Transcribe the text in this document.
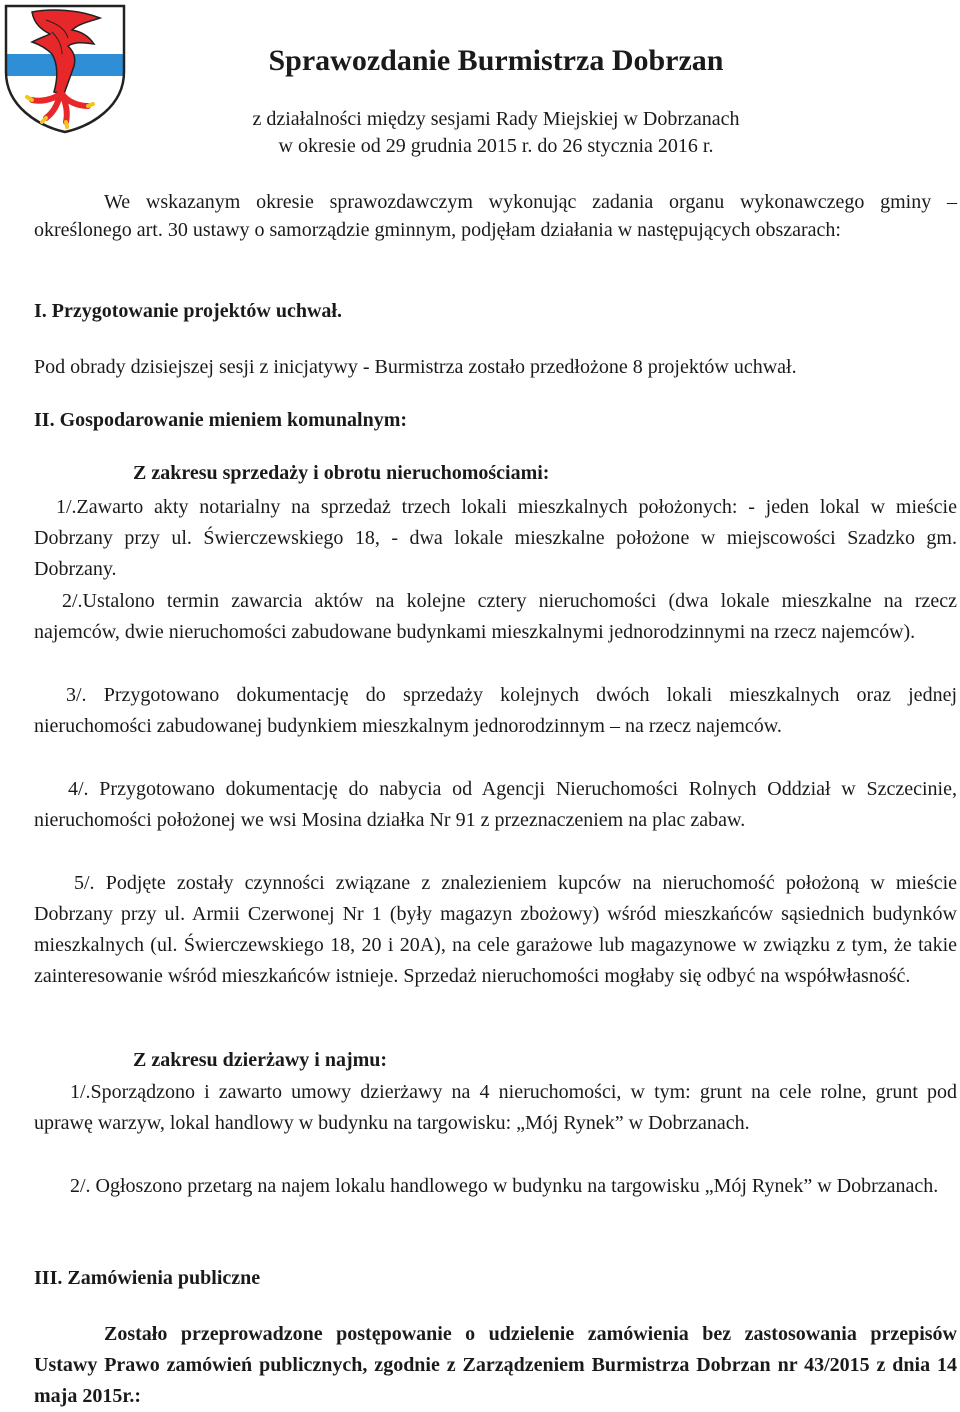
Sprawozdanie Burmistrza Dobrzan
z działalności między sesjami Rady Miejskiej w Dobrzanach
w okresie od 29 grudnia 2015 r. do 26 stycznia 2016 r.

We wskazanym okresie sprawozdawczym wykonując zadania organu wykonawczego gminy – określonego art. 30 ustawy o samorządzie gminnym, podjęłam działania w następujących obszarach:

I. Przygotowanie projektów uchwał.

Pod obrady dzisiejszej sesji z inicjatywy - Burmistrza zostało przedłożone 8 projektów uchwał.

II. Gospodarowanie mieniem komunalnym:
Z zakresu sprzedaży i obrotu nieruchomościami:

1/.Zawarto akty notarialny na sprzedaż trzech lokali mieszkalnych położonych: - jeden lokal w mieście Dobrzany przy ul. Świerczewskiego 18, - dwa lokale mieszkalne położone w miejscowości Szadzko gm. Dobrzany.

2/.Ustalono termin zawarcia aktów na kolejne cztery nieruchomości (dwa lokale mieszkalne na rzecz najemców, dwie nieruchomości zabudowane budynkami mieszkalnymi jednorodzinnymi na rzecz najemców).

3/. Przygotowano dokumentację do sprzedaży kolejnych dwóch lokali mieszkalnych oraz jednej nieruchomości zabudowanej budynkiem mieszkalnym jednorodzinnym – na rzecz najemców.

4/. Przygotowano dokumentację do nabycia od Agencji Nieruchomości Rolnych Oddział w Szczecinie, nieruchomości położonej we wsi Mosina działka Nr 91 z przeznaczeniem na plac zabaw.

5/. Podjęte zostały czynności związane z znalezieniem kupców na nieruchomość położoną w mieście Dobrzany przy ul. Armii Czerwonej Nr 1 (były magazyn zbożowy) wśród mieszkańców sąsiednich budynków mieszkalnych (ul. Świerczewskiego 18, 20 i 20A), na cele garażowe lub magazynowe w związku z tym, że takie zainteresowanie wśród mieszkańców istnieje. Sprzedaż nieruchomości mogłaby się odbyć na współwłasność.

Z zakresu dzierżawy i najmu:

1/.Sporządzono i zawarto umowy dzierżawy na 4 nieruchomości, w tym: grunt na cele rolne, grunt pod uprawę warzyw, lokal handlowy w budynku na targowisku: „Mój Rynek” w Dobrzanach.

2/. Ogłoszono przetarg na najem lokalu handlowego w budynku na targowisku „Mój Rynek” w Dobrzanach.

III. Zamówienia publiczne

Zostało przeprowadzone postępowanie o udzielenie zamówienia bez zastosowania przepisów Ustawy Prawo zamówień publicznych, zgodnie z Zarządzeniem Burmistrza Dobrzan nr 43/2015 z dnia 14 maja 2015r.:
